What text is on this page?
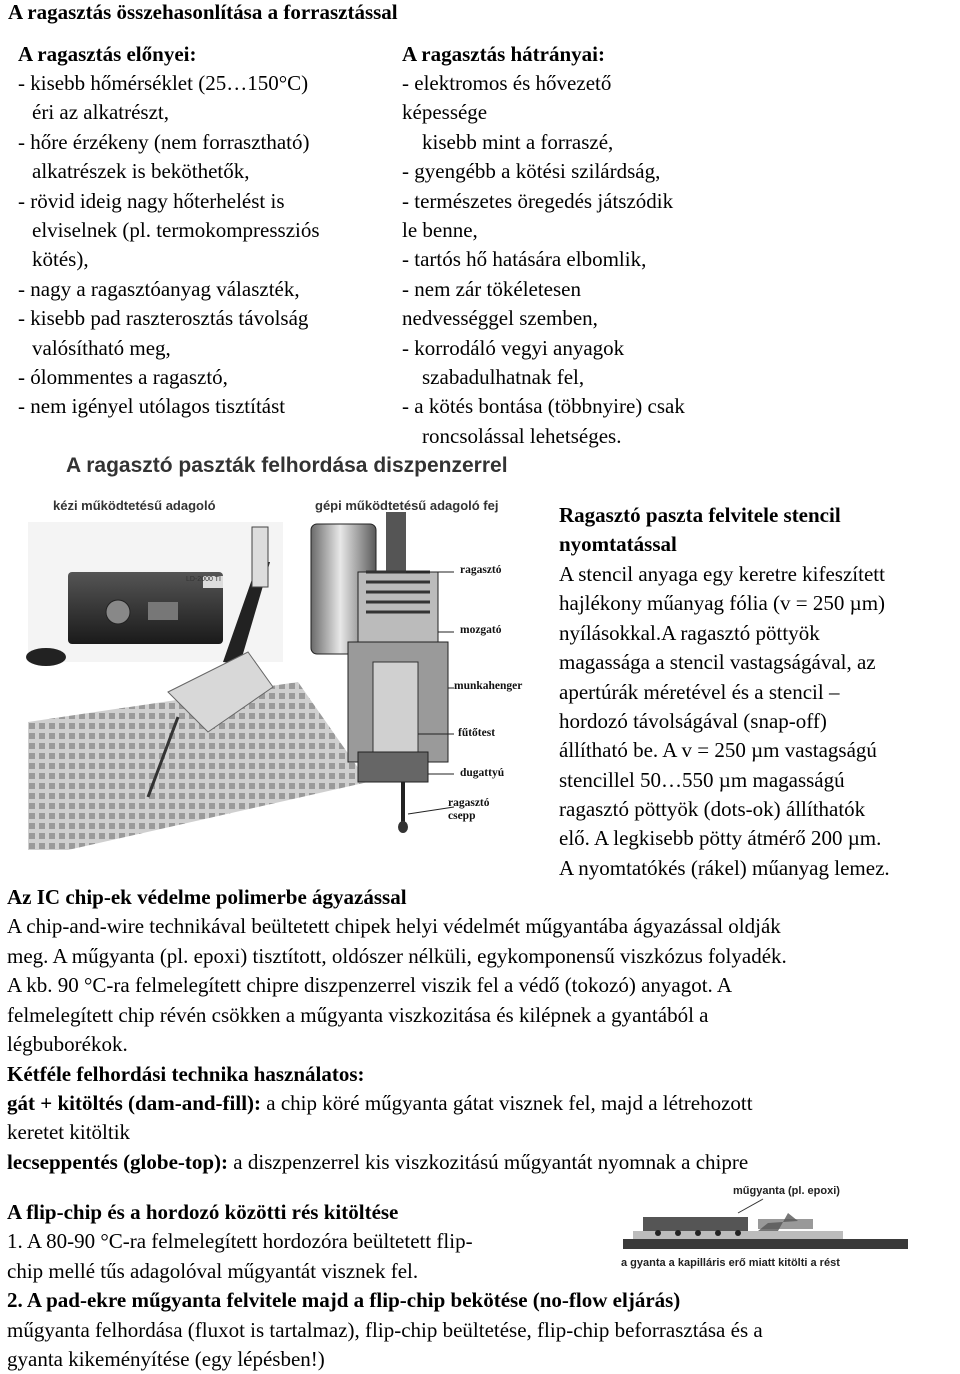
A ragasztás összehasonlítása a forrasztással
A ragasztás előnyei:
- kisebb hőmérséklet (25…150°C)
éri az alkatrészt,
- hőre érzékeny (nem forrasztható)
alkatrészek is beköthetők,
- rövid ideig nagy hőterhelést is
elviselnek (pl. termokompressziós
kötés),
- nagy a ragasztóanyag választék,
- kisebb pad raszterosztás távolság
valósítható meg,
- ólommentes a ragasztó,
- nem igényel utólagos tisztítást
A ragasztás hátrányai:
- elektromos és hővezető
képessége
kisebb mint a forraszé,
- gyengébb a kötési szilárdság,
- természetes öregedés játszódik
le benne,
- tartós hő hatására elbomlik,
- nem zár tökéletesen
nedvességgel szemben,
- korrodáló vegyi anyagok
szabadulhatnak fel,
- a kötés bontása (többnyire) csak
roncsolással lehetséges.
A ragasztó paszták felhordása diszpenzerrel
kézi működtetésű adagoló	gépi működtetésű adagoló fej
LD-2000 TI
ragasztó
mozgató
munkahenger
fűtőtest
dugattyú
ragasztó
csepp
Ragasztó paszta felvitele stencil
nyomtatással
A stencil anyaga egy keretre kifeszített
hajlékony műanyag fólia (v = 250 µm)
nyílásokkal.A ragasztó pöttyök
magassága a stencil vastagságával, az
apertúrák méretével és a stencil –
hordozó távolságával (snap-off)
állítható be. A v = 250 µm vastagságú
stencillel 50…550 µm magasságú
ragasztó pöttyök (dots-ok) állíthatók
elő. A legkisebb pötty átmérő 200 µm.
A nyomtatókés (rákel) műanyag lemez.
Az IC chip-ek védelme polimerbe ágyazással
A chip-and-wire technikával beültetett chipek helyi védelmét műgyantába ágyazással oldják
meg. A műgyanta (pl. epoxi) tisztított, oldószer nélküli, egykomponensű viszkózus folyadék.
A kb. 90 °C-ra felmelegített chipre diszpenzerrel viszik fel a védő (tokozó) anyagot. A
felmelegített chip révén csökken a műgyanta viszkozitása és kilépnek a gyantából a
légbuborékok.
Kétféle felhordási technika használatos:
gát + kitöltés (dam-and-fill): a chip köré műgyanta gátat visznek fel, majd a létrehozott
keretet kitöltik
lecseppentés (globe-top): a diszpenzerrel kis viszkozitású műgyantát nyomnak a chipre
A flip-chip és a hordozó közötti rés kitöltése
1. A 80-90 °C-ra felmelegített hordozóra beültetett flip-
chip mellé tűs adagolóval műgyantát visznek fel.
2. A pad-ekre műgyanta felvitele majd a flip-chip bekötése (no-flow eljárás)
műgyanta felhordása (fluxot is tartalmaz), flip-chip beültetése, flip-chip beforrasztása és a
gyanta kikeményítése (egy lépésben!)
műgyanta (pl. epoxi)
a gyanta a kapilláris erő miatt kitölti a rést
